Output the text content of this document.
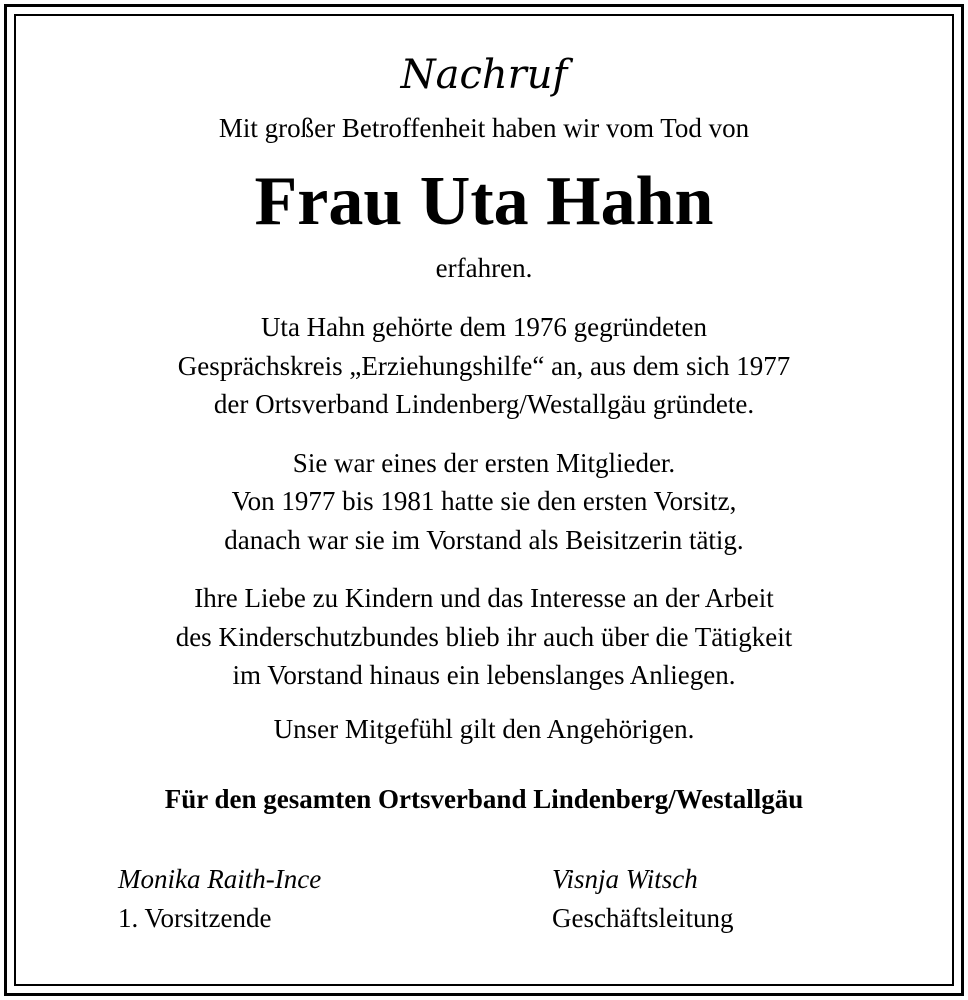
Nachruf
Mit großer Betroffenheit haben wir vom Tod von
Frau Uta Hahn
erfahren.
Uta Hahn gehörte dem 1976 gegründeten
Gesprächskreis „Erziehungshilfe“ an, aus dem sich 1977
der Ortsverband Lindenberg/Westallgäu gründete.
Sie war eines der ersten Mitglieder.
Von 1977 bis 1981 hatte sie den ersten Vorsitz,
danach war sie im Vorstand als Beisitzerin tätig.
Ihre Liebe zu Kindern und das Interesse an der Arbeit
des Kinderschutzbundes blieb ihr auch über die Tätigkeit
im Vorstand hinaus ein lebenslanges Anliegen.
Unser Mitgefühl gilt den Angehörigen.
Für den gesamten Ortsverband Lindenberg/Westallgäu
Monika Raith-Ince
1. Vorsitzende
Visnja Witsch
Geschäftsleitung
